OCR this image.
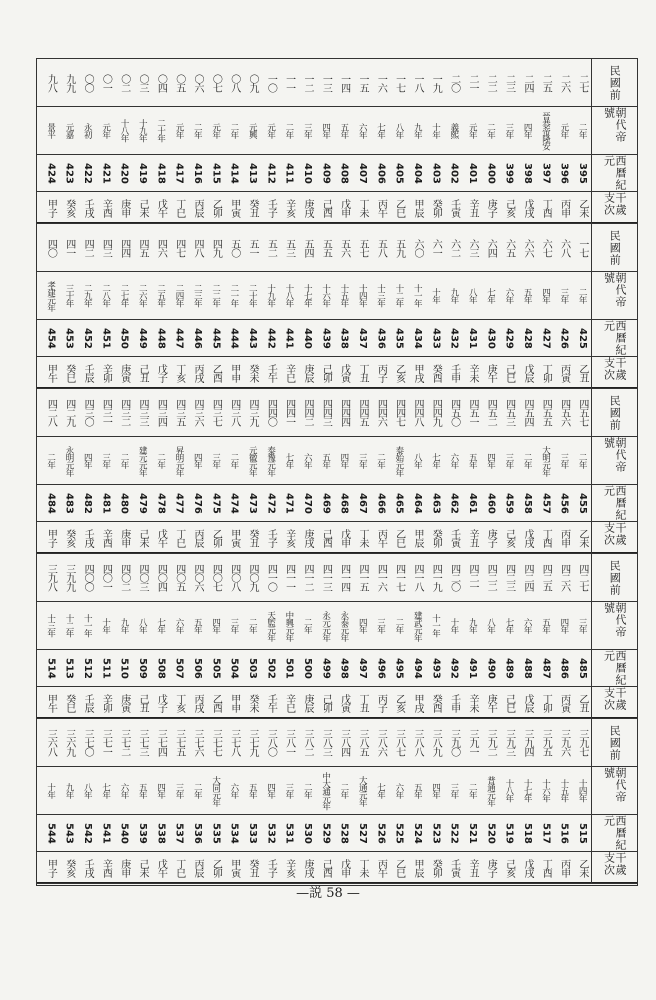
民國前
二七
二六
二五
二四
二三
二二
二一
二〇
一九
一八
一七
一六
一五
一四
一三
一二
一一
一〇
〇九
〇八
〇七
〇六
〇五
〇四
〇三
〇二
〇一
〇〇
九九
九八
朝代帝號
二年
元年
晉恭帝隆安
四年
三年
二年
元年
義熙
十年
九年
八年
七年
六年
五年
四年
三年
二年
元年
元興
二年
元年
二年
元年
二十年
十九年
十八年
元年
永初
元嘉
景平
西曆紀元
395
396
397
398
399
400
401
402
403
404
405
406
407
408
409
410
411
412
413
414
415
416
417
418
419
420
421
422
423
424
干歲支次
乙未
丙申
丁酉
戊戌
己亥
庚子
辛丑
壬寅
癸卯
甲辰
乙巳
丙午
丁未
戊申
己酉
庚戌
辛亥
壬子
癸丑
甲寅
乙卯
丙辰
丁巳
戊午
己未
庚申
辛酉
壬戌
癸亥
甲子
民國前
一七
六八
六七
六六
六五
六四
六三
六二
六一
六〇
五九
五八
五七
五六
五五
五四
五三
五二
五一
五〇
四九
四八
四七
四六
四五
四四
四三
四二
四一
四〇
朝代帝號
二年
三年
四年
五年
六年
七年
八年
九年
十年
十一年
十二年
十三年
十四年
十五年
十六年
十七年
十八年
十九年
二十年
二一年
二二年
二三年
二四年
二五年
二六年
二七年
二八年
二九年
三十年
孝建元年
西曆紀元
425
426
427
428
429
430
431
432
433
434
435
436
437
438
439
440
441
442
443
444
445
446
447
448
449
450
451
452
453
454
干歲支次
乙丑
丙寅
丁卯
戊辰
己巳
庚午
辛未
壬申
癸酉
甲戌
乙亥
丙子
丁丑
戊寅
己卯
庚辰
辛巳
壬午
癸未
甲申
乙酉
丙戌
丁亥
戊子
己丑
庚寅
辛卯
壬辰
癸巳
甲午
民國前
四五七
四五六
四五五
四五四
四五三
四五二
四五一
四五〇
四四九
四四八
四四七
四四六
四四五
四四四
四四三
四四二
四四一
四四〇
四三九
四三八
四三七
四三六
四三五
四三四
四三三
四三二
四三一
四三〇
四二九
四二八
朝代帝號
二年
三年
大明元年
二年
三年
四年
五年
六年
七年
八年
泰始元年
二年
三年
四年
五年
六年
七年
泰豫元年
元徽元年
二年
三年
四年
昇明元年
二年
建元元年
二年
三年
四年
永明元年
二年
西曆紀元
455
456
457
458
459
460
461
462
463
464
465
466
467
468
469
470
471
472
473
474
475
476
477
478
479
480
481
482
483
484
干歲支次
乙未
丙申
丁酉
戊戌
己亥
庚子
辛丑
壬寅
癸卯
甲辰
乙巳
丙午
丁未
戊申
己酉
庚戌
辛亥
壬子
癸丑
甲寅
乙卯
丙辰
丁巳
戊午
己未
庚申
辛酉
壬戌
癸亥
甲子
民國前
四二七
四二六
四二五
四二四
四二三
四二二
四二一
四二〇
四一九
四一八
四一七
四一六
四一五
四一四
四一三
四一二
四一一
四一〇
四〇九
四〇八
四〇七
四〇六
四〇五
四〇四
四〇三
四〇二
四〇一
四〇〇
三九九
三九八
朝代帝號
三年
四年
五年
六年
七年
八年
九年
十年
十一年
建武元年
二年
三年
四年
永泰元年
永元元年
二年
中興元年
天監元年
二年
三年
四年
五年
六年
七年
八年
九年
十年
十一年
十二年
十三年
西曆紀元
485
486
487
488
489
490
491
492
493
494
495
496
497
498
499
500
501
502
503
504
505
506
507
508
509
510
511
512
513
514
干歲支次
乙丑
丙寅
丁卯
戊辰
己巳
庚午
辛未
壬申
癸酉
甲戌
乙亥
丙子
丁丑
戊寅
己卯
庚辰
辛巳
壬午
癸未
甲申
乙酉
丙戌
丁亥
戊子
己丑
庚寅
辛卯
壬辰
癸巳
甲午
民國前
三九七
三九六
三九五
三九四
三九三
三九二
三九一
三九〇
三八九
三八八
三八七
三八六
三八五
三八四
三八三
三八二
三八一
三八〇
三七九
三七八
三七七
三七六
三七五
三七四
三七三
三七二
三七一
三七〇
三六九
三六八
朝代帝號
十四年
十五年
十六年
十七年
十八年
普通元年
二年
三年
四年
五年
六年
七年
大通元年
二年
中大通元年
二年
三年
四年
五年
六年
大同元年
二年
三年
四年
五年
六年
七年
八年
九年
十年
西曆紀元
515
516
517
518
519
520
521
522
523
524
525
526
527
528
529
530
531
532
533
534
535
536
537
538
539
540
541
542
543
544
干歲支次
乙未
丙申
丁酉
戊戌
己亥
庚子
辛丑
壬寅
癸卯
甲辰
乙巳
丙午
丁未
戊申
己酉
庚戌
辛亥
壬子
癸丑
甲寅
乙卯
丙辰
丁巳
戊午
己未
庚申
辛酉
壬戌
癸亥
甲子
—説 58 —
